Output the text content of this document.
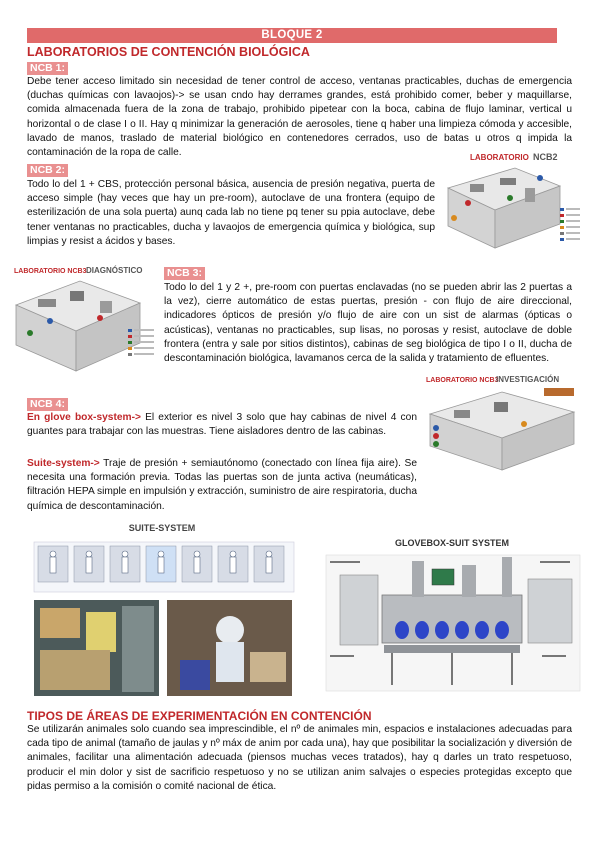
BLOQUE 2
LABORATORIOS DE CONTENCIÓN BIOLÓGICA
NCB 1:
Debe tener acceso limitado sin necesidad de tener control de acceso, ventanas practicables, duchas de emergencia (duchas químicas con lavaojos)-> se usan cndo hay derrames grandes, está prohibido comer, beber y maquillarse, comida almacenada fuera de la zona de trabajo, prohibido pipetear con la boca, cabina de flujo laminar, vertical u horizontal o de clase I o II. Hay q minimizar la generación de aerosoles, tiene q haber una limpieza cómoda y accesible, lavado de manos, traslado de material biológico en contenedores cerrados, uso de batas u otros q impida la contaminación de la ropa de calle.
NCB 2:
Todo lo del 1 + CBS, protección personal básica, ausencia de presión negativa, puerta de acceso simple (hay veces que hay un pre-room), autoclave de una frontera (equipo de esterilización de una sola puerta) aunq cada lab no tiene pq tener su ppia autoclave, debe tener ventanas no practicables, ducha y lavaojos de emergencia química y biológica, sup limpias y resist a ácidos y bases.
LABORATORIO NCB2
LABORATORIO NCB3 DIAGNÓSTICO NCB 3:
Todo lo del 1 y 2 +, pre-room con puertas enclavadas (no se pueden abrir las 2 puertas a la vez), cierre automático de estas puertas, presión - con flujo de aire direccional, indicadores ópticos de presión y/o flujo de aire con un sist de alarmas (ópticas o acústicas), ventanas no practicables, sup lisas, no porosas y resist, autoclave de doble frontera (entra y sale por sitios distintos), cabinas de seg biológica de tipo I o II, ducha de descontaminación biológica, lavamanos cerca de la salida y tratamiento de efluentes.
LABORATORIO NCB3
INVESTIGACIÓN
NCB 4:
En glove box-system-> El exterior es nivel 3 solo que hay cabinas de nivel 4 con guantes para trabajar con las muestras. Tiene aisladores dentro de las cabinas.
Suite-system-> Traje de presión + semiautónomo (conectado con línea fija aire). Se necesita una formación previa. Todas las puertas son de junta activa (neumáticas), filtración HEPA simple en impulsión y extracción, suministro de aire respiratoria, ducha química de descontaminación.
SUITE-SYSTEM
GLOVEBOX-SUIT SYSTEM
TIPOS DE ÁREAS DE EXPERIMENTACIÓN EN CONTENCIÓN
Se utilizarán animales solo cuando sea imprescindible, el nº de animales min, espacios e instalaciones adecuadas para cada tipo de animal (tamaño de jaulas y nº máx de anim por cada una), hay que posibilitar la socialización y diversión de animales, facilitar una alimentación adecuada (piensos muchas veces tratados), hay q darles un trato respetuoso, producir el min dolor y sist de sacrificio respetuoso y no se utilizan anim salvajes o especies protegidas excepto que pidas permiso a la comisión o comité nacional de ética.
